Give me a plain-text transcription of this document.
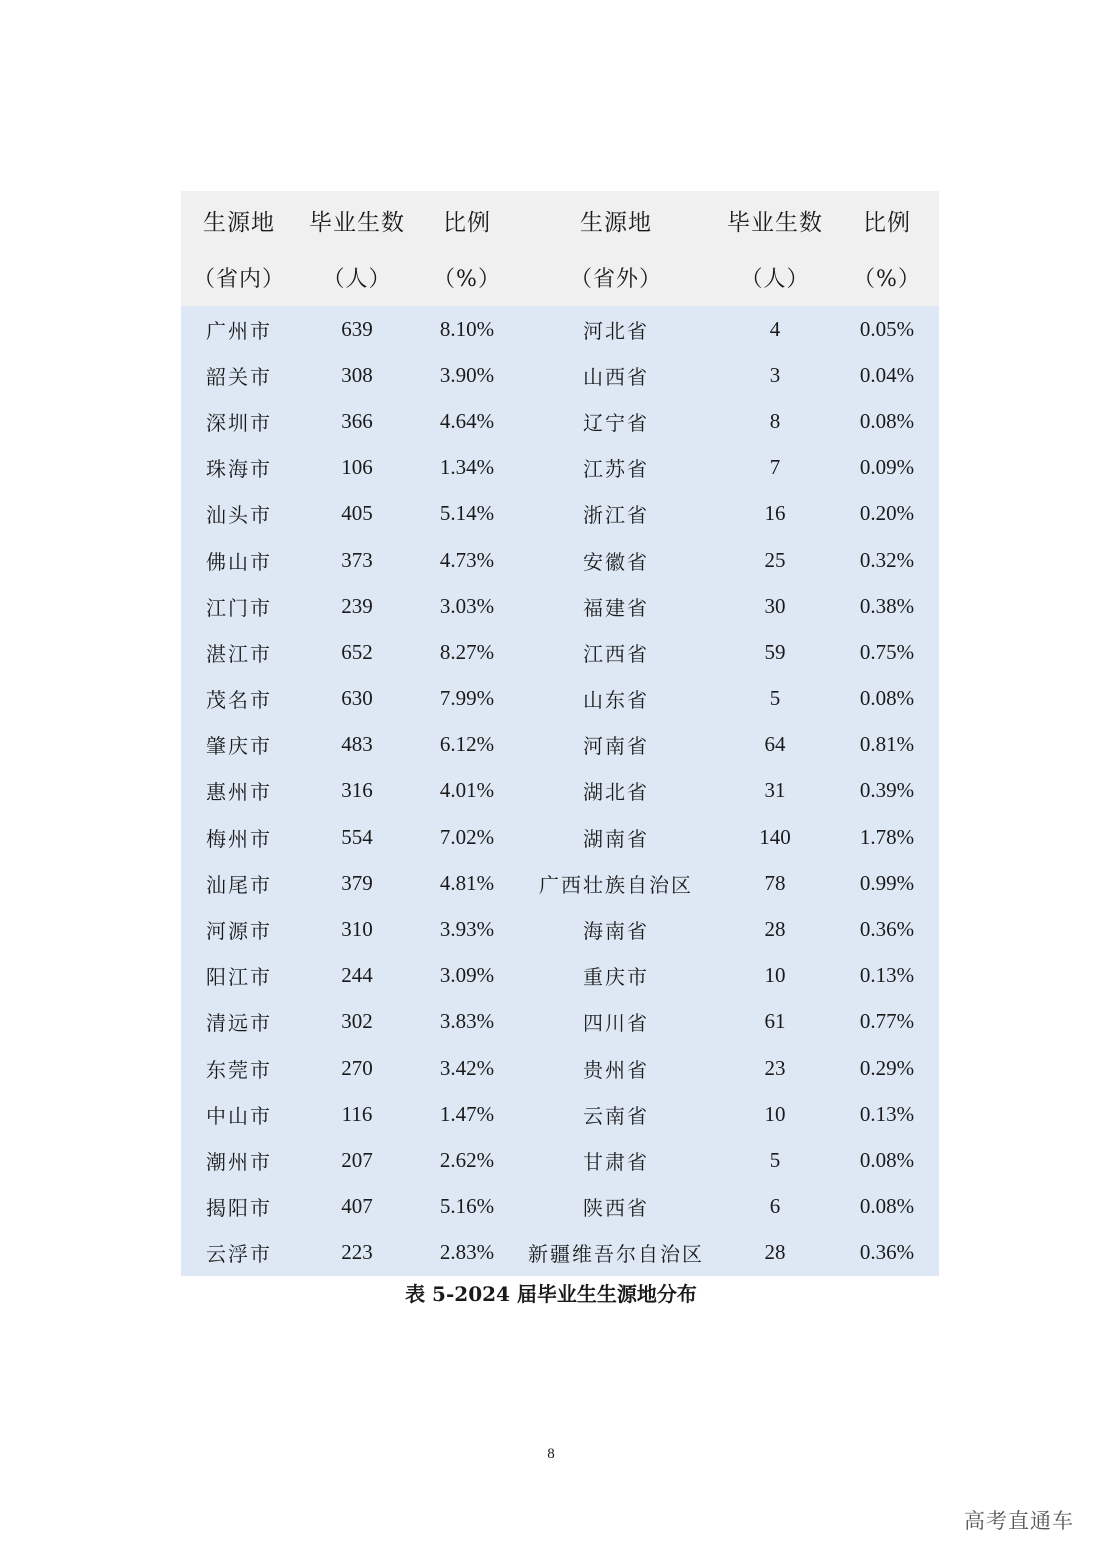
生源地	毕业生数	比例	生源地	毕业生数	比例
（省内）	（人）	（%）	（省外）	（人）	（%）
广州市	639	8.10%	河北省	4	0.05%
韶关市	308	3.90%	山西省	3	0.04%
深圳市	366	4.64%	辽宁省	8	0.08%
珠海市	106	1.34%	江苏省	7	0.09%
汕头市	405	5.14%	浙江省	16	0.20%
佛山市	373	4.73%	安徽省	25	0.32%
江门市	239	3.03%	福建省	30	0.38%
湛江市	652	8.27%	江西省	59	0.75%
茂名市	630	7.99%	山东省	5	0.08%
肇庆市	483	6.12%	河南省	64	0.81%
惠州市	316	4.01%	湖北省	31	0.39%
梅州市	554	7.02%	湖南省	140	1.78%
汕尾市	379	4.81%	广西壮族自治区	78	0.99%
河源市	310	3.93%	海南省	28	0.36%
阳江市	244	3.09%	重庆市	10	0.13%
清远市	302	3.83%	四川省	61	0.77%
东莞市	270	3.42%	贵州省	23	0.29%
中山市	116	1.47%	云南省	10	0.13%
潮州市	207	2.62%	甘肃省	5	0.08%
揭阳市	407	5.16%	陕西省	6	0.08%
云浮市	223	2.83%	新疆维吾尔自治区	28	0.36%
表 5-2024 届毕业生生源地分布
8
高考直通车
